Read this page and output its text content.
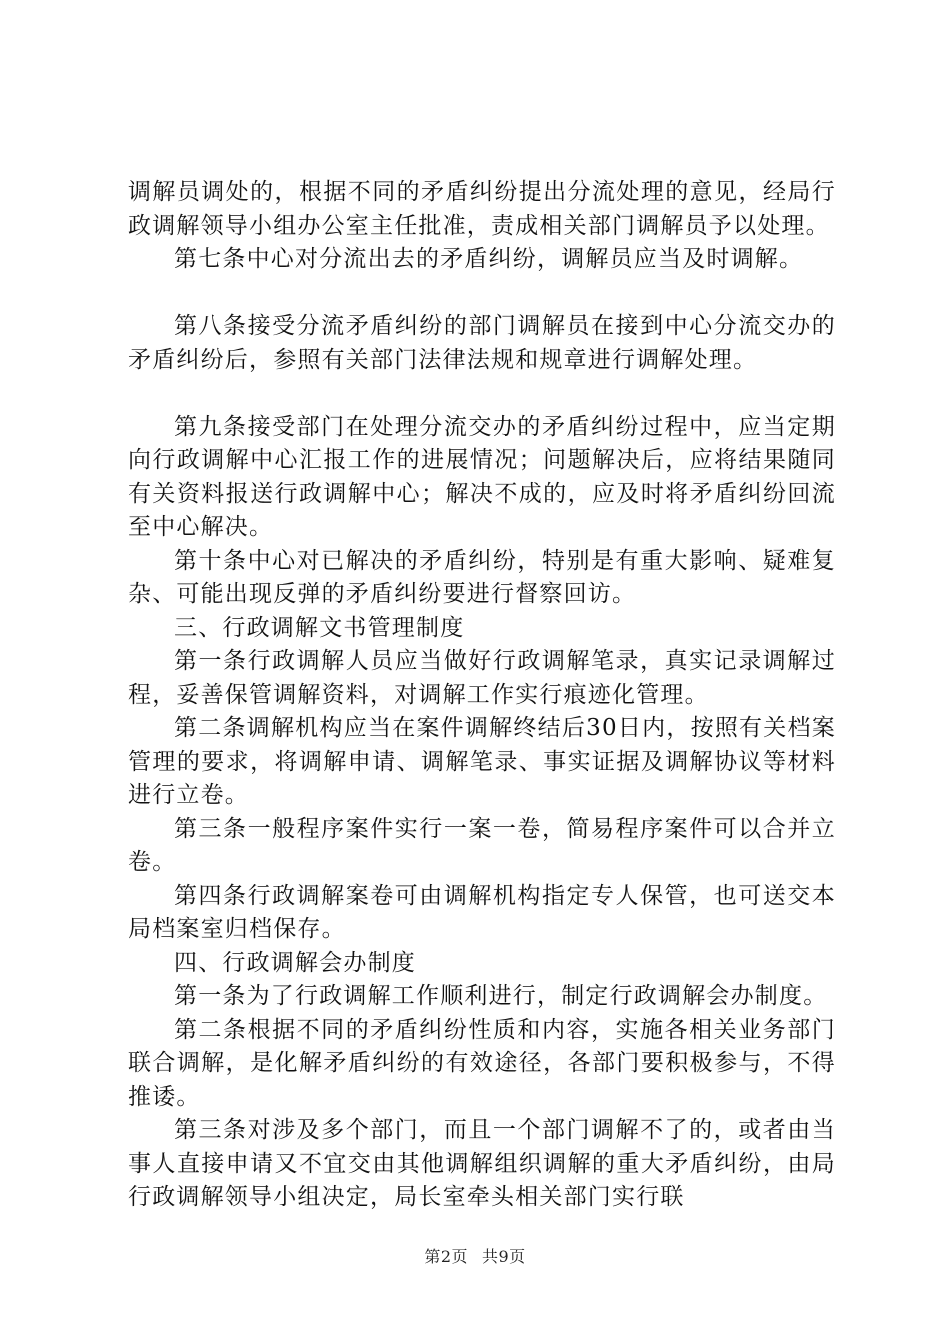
调解员调处的，根据不同的矛盾纠纷提出分流处理的意见，经局行政调解领导小组办公室主任批准，责成相关部门调解员予以处理。

第七条中心对分流出去的矛盾纠纷，调解员应当及时调解。

第八条接受分流矛盾纠纷的部门调解员在接到中心分流交办的矛盾纠纷后，参照有关部门法律法规和规章进行调解处理。

第九条接受部门在处理分流交办的矛盾纠纷过程中，应当定期向行政调解中心汇报工作的进展情况；问题解决后，应将结果随同有关资料报送行政调解中心；解决不成的，应及时将矛盾纠纷回流至中心解决。

第十条中心对已解决的矛盾纠纷，特别是有重大影响、疑难复杂、可能出现反弹的矛盾纠纷要进行督察回访。

三、行政调解文书管理制度

第一条行政调解人员应当做好行政调解笔录，真实记录调解过程，妥善保管调解资料，对调解工作实行痕迹化管理。

第二条调解机构应当在案件调解终结后30日内，按照有关档案管理的要求，将调解申请、调解笔录、事实证据及调解协议等材料进行立卷。

第三条一般程序案件实行一案一卷，简易程序案件可以合并立卷。

第四条行政调解案卷可由调解机构指定专人保管，也可送交本局档案室归档保存。

四、行政调解会办制度

第一条为了行政调解工作顺利进行，制定行政调解会办制度。

第二条根据不同的矛盾纠纷性质和内容，实施各相关业务部门联合调解，是化解矛盾纠纷的有效途径，各部门要积极参与，不得推诿。

第三条对涉及多个部门，而且一个部门调解不了的，或者由当事人直接申请又不宜交由其他调解组织调解的重大矛盾纠纷，由局行政调解领导小组决定，局长室牵头相关部门实行联

第2页 共9页
